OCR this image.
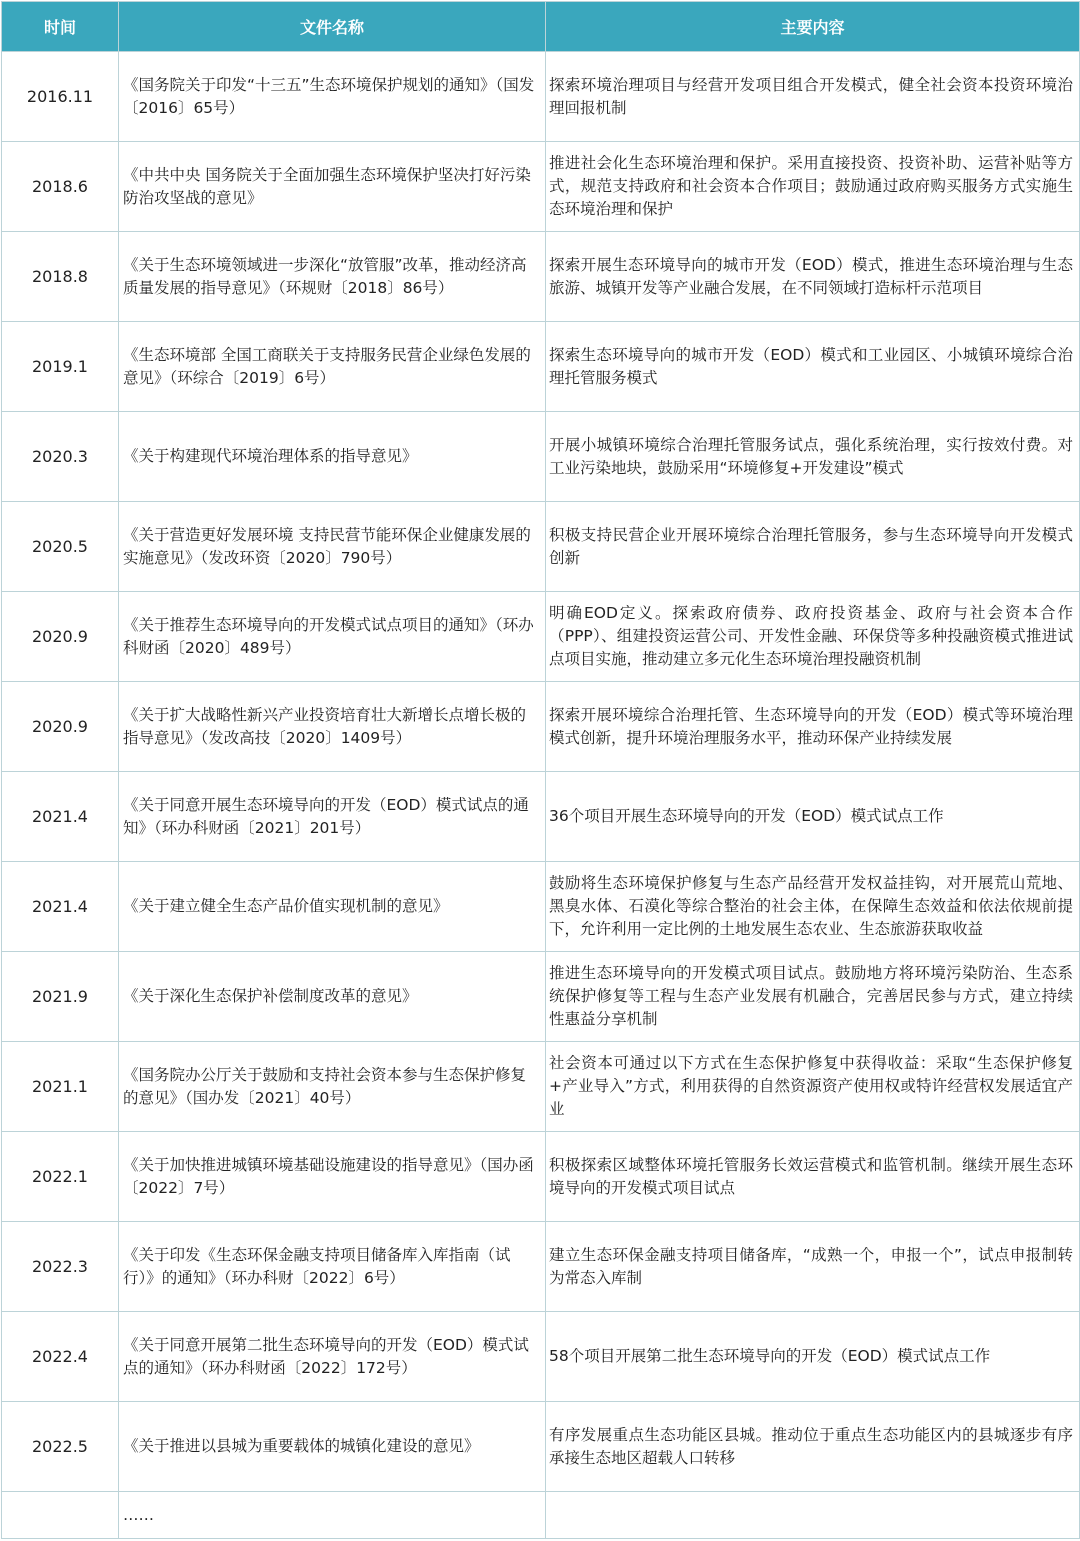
时间	文件名称	主要内容
2016.11	《国务院关于印发“十三五”生态环境保护规划的通知》（国发〔2016〕65号）	探索环境治理项目与经营开发项目组合开发模式，健全社会资本投资环境治理回报机制
2018.6	《中共中央 国务院关于全面加强生态环境保护坚决打好污染防治攻坚战的意见》	推进社会化生态环境治理和保护。采用直接投资、投资补助、运营补贴等方式，规范支持政府和社会资本合作项目；鼓励通过政府购买服务方式实施生态环境治理和保护
2018.8	《关于生态环境领域进一步深化“放管服”改革，推动经济高质量发展的指导意见》（环规财〔2018〕86号）	探索开展生态环境导向的城市开发（EOD）模式，推进生态环境治理与生态旅游、城镇开发等产业融合发展，在不同领域打造标杆示范项目
2019.1	《生态环境部 全国工商联关于支持服务民营企业绿色发展的意见》（环综合〔2019〕6号）	探索生态环境导向的城市开发（EOD）模式和工业园区、小城镇环境综合治理托管服务模式
2020.3	《关于构建现代环境治理体系的指导意见》	开展小城镇环境综合治理托管服务试点，强化系统治理，实行按效付费。对工业污染地块，鼓励采用“环境修复+开发建设”模式
2020.5	《关于营造更好发展环境 支持民营节能环保企业健康发展的实施意见》（发改环资〔2020〕790号）	积极支持民营企业开展环境综合治理托管服务，参与生态环境导向开发模式创新
2020.9	《关于推荐生态环境导向的开发模式试点项目的通知》（环办科财函〔2020〕489号）	明确EOD定义。探索政府债券、政府投资基金、政府与社会资本合作（PPP）、组建投资运营公司、开发性金融、环保贷等多种投融资模式推进试点项目实施，推动建立多元化生态环境治理投融资机制
2020.9	《关于扩大战略性新兴产业投资培育壮大新增长点增长极的指导意见》（发改高技〔2020〕1409号）	探索开展环境综合治理托管、生态环境导向的开发（EOD）模式等环境治理模式创新，提升环境治理服务水平，推动环保产业持续发展
2021.4	《关于同意开展生态环境导向的开发（EOD）模式试点的通知》（环办科财函〔2021〕201号）	36个项目开展生态环境导向的开发（EOD）模式试点工作
2021.4	《关于建立健全生态产品价值实现机制的意见》	鼓励将生态环境保护修复与生态产品经营开发权益挂钩，对开展荒山荒地、黑臭水体、石漠化等综合整治的社会主体，在保障生态效益和依法依规前提下，允许利用一定比例的土地发展生态农业、生态旅游获取收益
2021.9	《关于深化生态保护补偿制度改革的意见》	推进生态环境导向的开发模式项目试点。鼓励地方将环境污染防治、生态系统保护修复等工程与生态产业发展有机融合，完善居民参与方式，建立持续性惠益分享机制
2021.1	《国务院办公厅关于鼓励和支持社会资本参与生态保护修复的意见》（国办发〔2021〕40号）	社会资本可通过以下方式在生态保护修复中获得收益：采取“生态保护修复+产业导入”方式，利用获得的自然资源资产使用权或特许经营权发展适宜产业
2022.1	《关于加快推进城镇环境基础设施建设的指导意见》（国办函〔2022〕7号）	积极探索区域整体环境托管服务长效运营模式和监管机制。继续开展生态环境导向的开发模式项目试点
2022.3	《关于印发《生态环保金融支持项目储备库入库指南（试行）》的通知》（环办科财〔2022〕6号）	建立生态环保金融支持项目储备库，“成熟一个，申报一个”，试点申报制转为常态入库制
2022.4	《关于同意开展第二批生态环境导向的开发（EOD）模式试点的通知》（环办科财函〔2022〕172号）	58个项目开展第二批生态环境导向的开发（EOD）模式试点工作
2022.5	《关于推进以县城为重要载体的城镇化建设的意见》	有序发展重点生态功能区县城。推动位于重点生态功能区内的县城逐步有序承接生态地区超载人口转移
	……	
